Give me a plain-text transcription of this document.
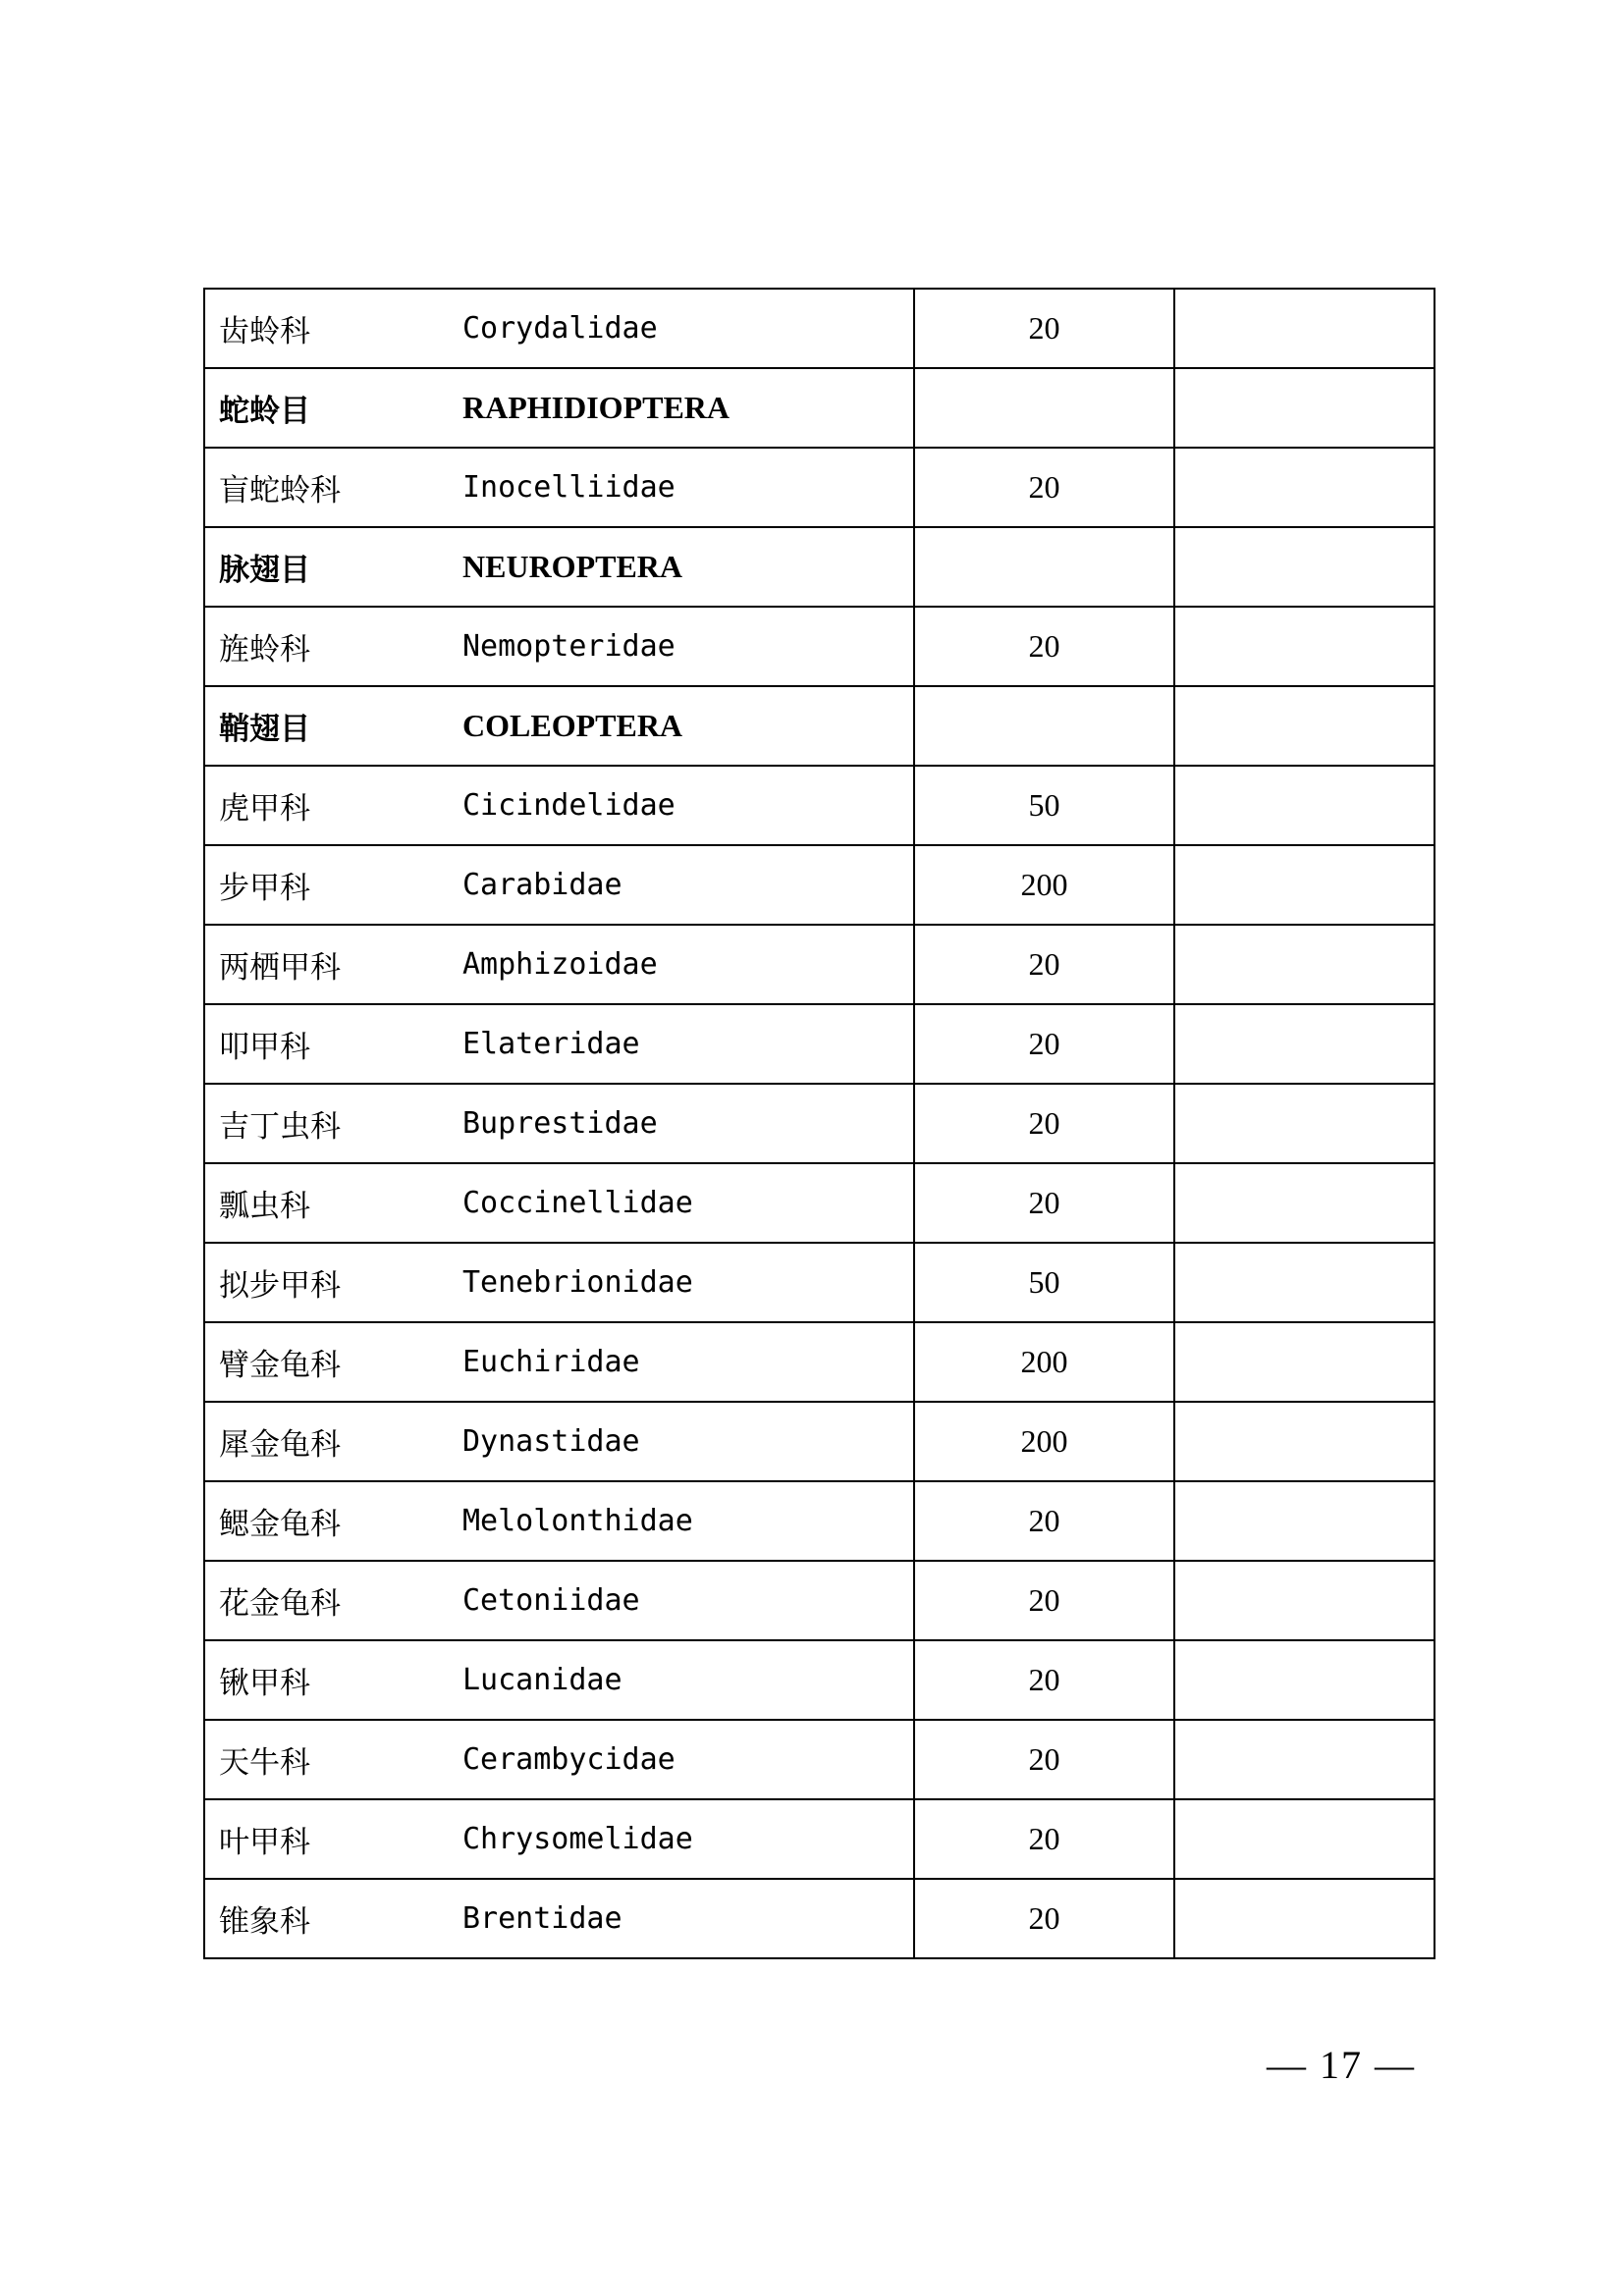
齿蛉科	Corydalidae	20	
蛇蛉目	RAPHIDIOPTERA		
盲蛇蛉科	Inocelliidae	20	
脉翅目	NEUROPTERA		
旌蛉科	Nemopteridae	20	
鞘翅目	COLEOPTERA		
虎甲科	Cicindelidae	50	
步甲科	Carabidae	200	
两栖甲科	Amphizoidae	20	
叩甲科	Elateridae	20	
吉丁虫科	Buprestidae	20	
瓢虫科	Coccinellidae	20	
拟步甲科	Tenebrionidae	50	
臂金龟科	Euchiridae	200	
犀金龟科	Dynastidae	200	
鳃金龟科	Melolonthidae	20	
花金龟科	Cetoniidae	20	
锹甲科	Lucanidae	20	
天牛科	Cerambycidae	20	
叶甲科	Chrysomelidae	20	
锥象科	Brentidae	20	
— 17 —
